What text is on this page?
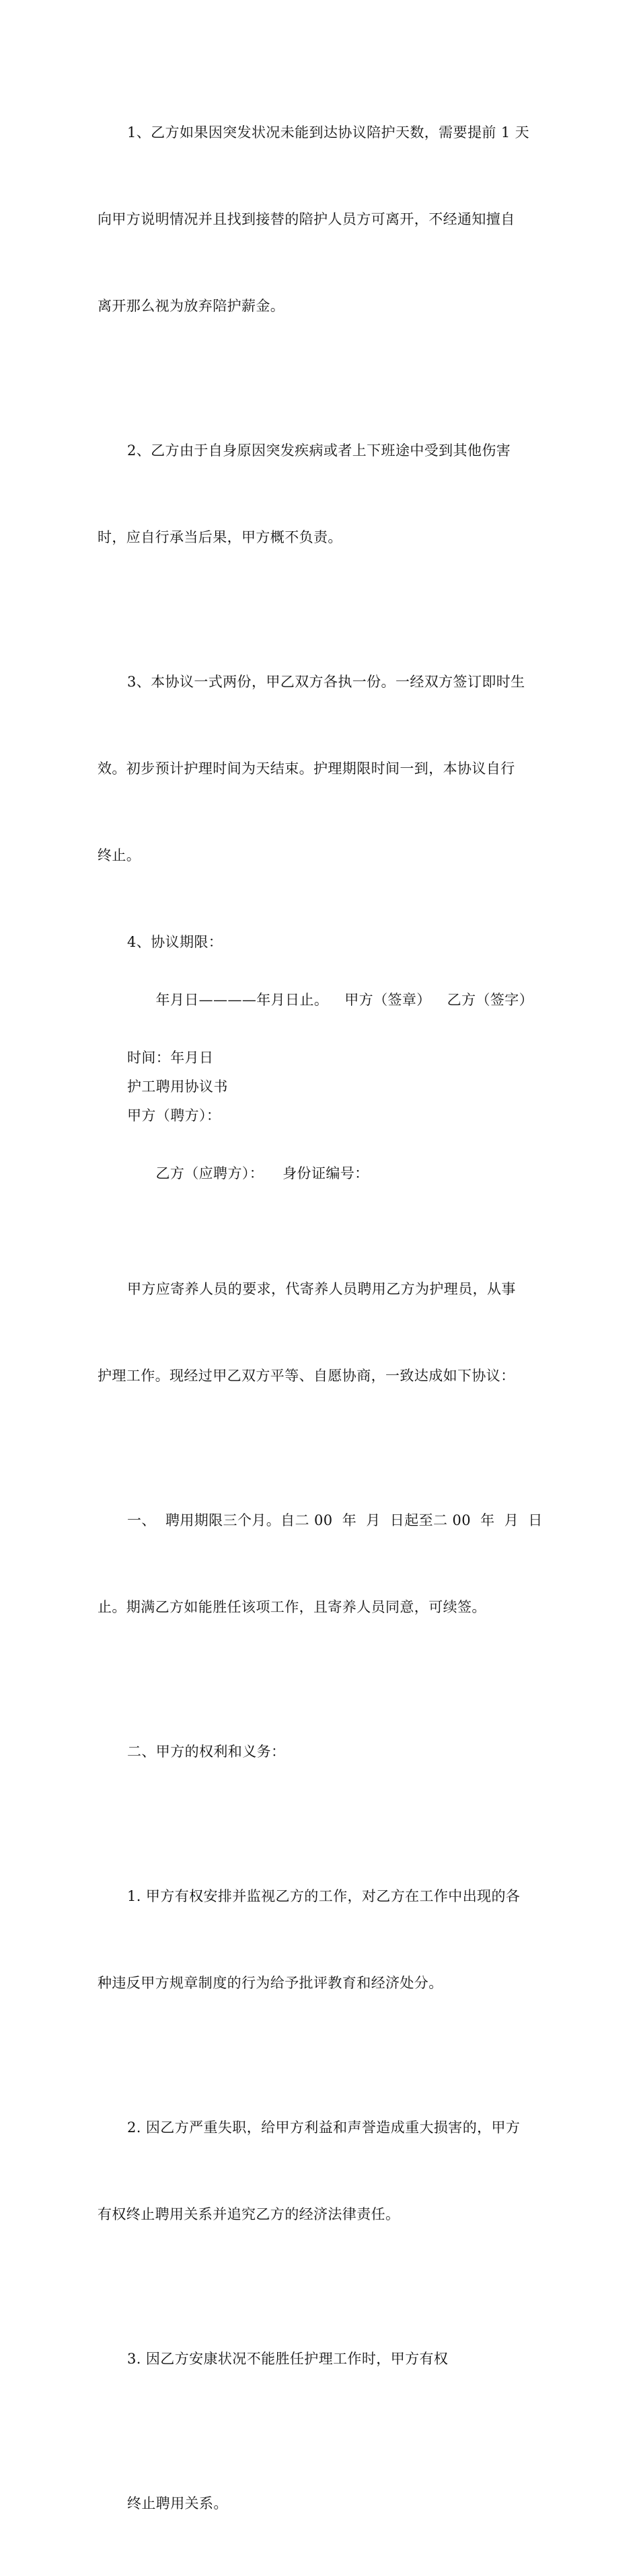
1、乙方如果因突发状况未能到达协议陪护天数，需要提前 1 天

向甲方说明情况并且找到接替的陪护人员方可离开，不经通知擅自

离开那么视为放弃陪护薪金。

2、乙方由于自身原因突发疾病或者上下班途中受到其他伤害

时，应自行承当后果，甲方概不负责。

3、本协议一式两份，甲乙双方各执一份。一经双方签订即时生

效。初步预计护理时间为天结束。护理期限时间一到，本协议自行

终止。

4、协议期限：

年月日————年月日止。 甲方（签章） 乙方（签字）

时间：年月日
护工聘用协议书
甲方（聘方）：

乙方（应聘方）： 身份证编号：

甲方应寄养人员的要求，代寄养人员聘用乙方为护理员，从事

护理工作。现经过甲乙双方平等、自愿协商，一致达成如下协议：

一、  聘用期限三个月。自二 00  年  月  日起至二 00  年  月  日

止。期满乙方如能胜任该项工作，且寄养人员同意，可续签。

二、甲方的权利和义务：

1. 甲方有权安排并监视乙方的工作，对乙方在工作中出现的各

种违反甲方规章制度的行为给予批评教育和经济处分。

2. 因乙方严重失职，给甲方利益和声誉造成重大损害的，甲方

有权终止聘用关系并追究乙方的经济法律责任。

3. 因乙方安康状况不能胜任护理工作时，甲方有权

终止聘用关系。
